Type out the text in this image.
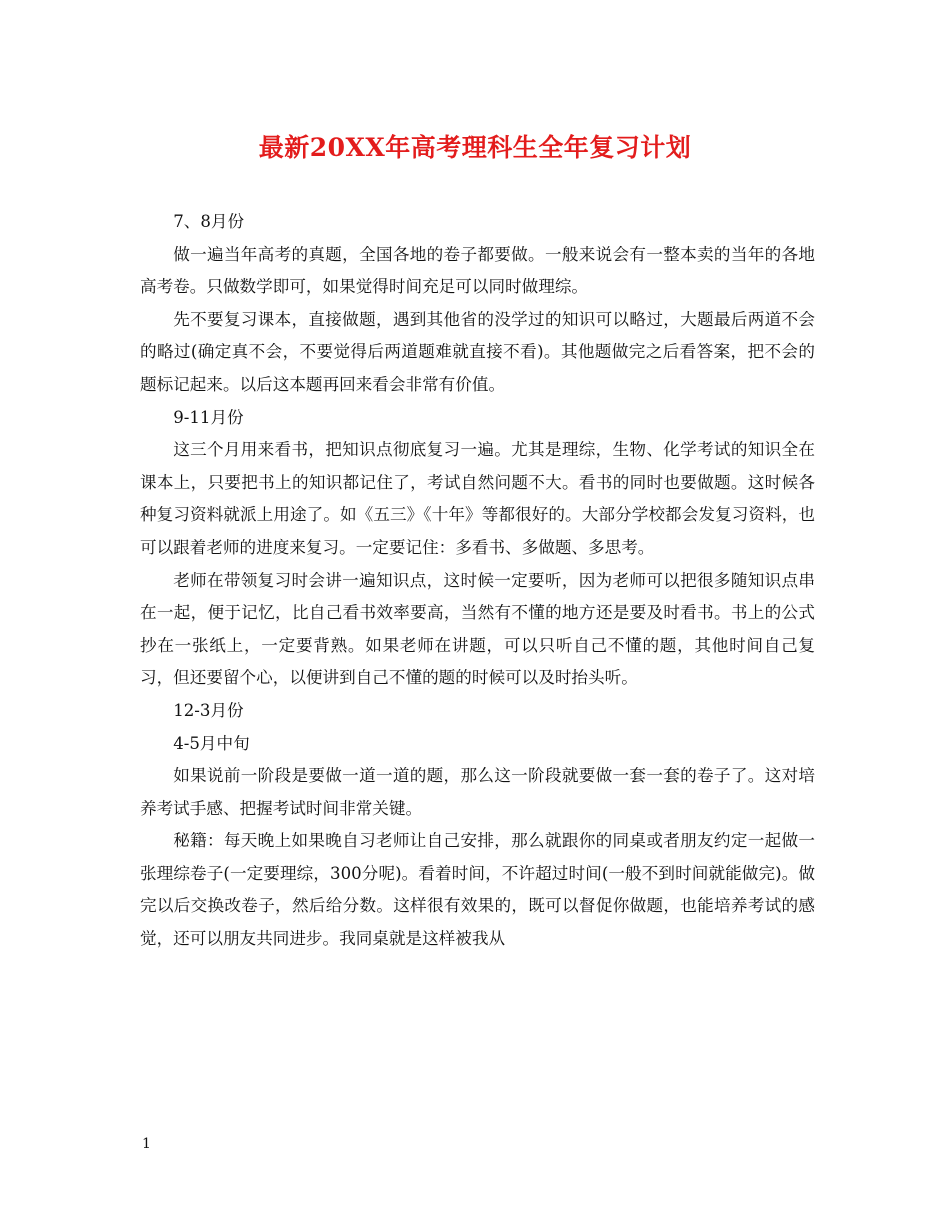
最新20XX年高考理科生全年复习计划

7、8月份

做一遍当年高考的真题，全国各地的卷子都要做。一般来说会有一整本卖的当年的各地高考卷。只做数学即可，如果觉得时间充足可以同时做理综。

先不要复习课本，直接做题，遇到其他省的没学过的知识可以略过，大题最后两道不会的略过(确定真不会，不要觉得后两道题难就直接不看)。其他题做完之后看答案，把不会的题标记起来。以后这本题再回来看会非常有价值。

9-11月份

这三个月用来看书，把知识点彻底复习一遍。尤其是理综，生物、化学考试的知识全在课本上，只要把书上的知识都记住了，考试自然问题不大。看书的同时也要做题。这时候各种复习资料就派上用途了。如《五三》《十年》等都很好的。大部分学校都会发复习资料，也可以跟着老师的进度来复习。一定要记住：多看书、多做题、多思考。

老师在带领复习时会讲一遍知识点，这时候一定要听，因为老师可以把很多随知识点串在一起，便于记忆，比自己看书效率要高，当然有不懂的地方还是要及时看书。书上的公式抄在一张纸上，一定要背熟。如果老师在讲题，可以只听自己不懂的题，其他时间自己复习，但还要留个心，以便讲到自己不懂的题的时候可以及时抬头听。

12-3月份

4-5月中旬

如果说前一阶段是要做一道一道的题，那么这一阶段就要做一套一套的卷子了。这对培养考试手感、把握考试时间非常关键。

秘籍：每天晚上如果晚自习老师让自己安排，那么就跟你的同桌或者朋友约定一起做一张理综卷子(一定要理综，300分呢)。看着时间，不许超过时间(一般不到时间就能做完)。做完以后交换改卷子，然后给分数。这样很有效果的，既可以督促你做题，也能培养考试的感觉，还可以朋友共同进步。我同桌就是这样被我从

1
